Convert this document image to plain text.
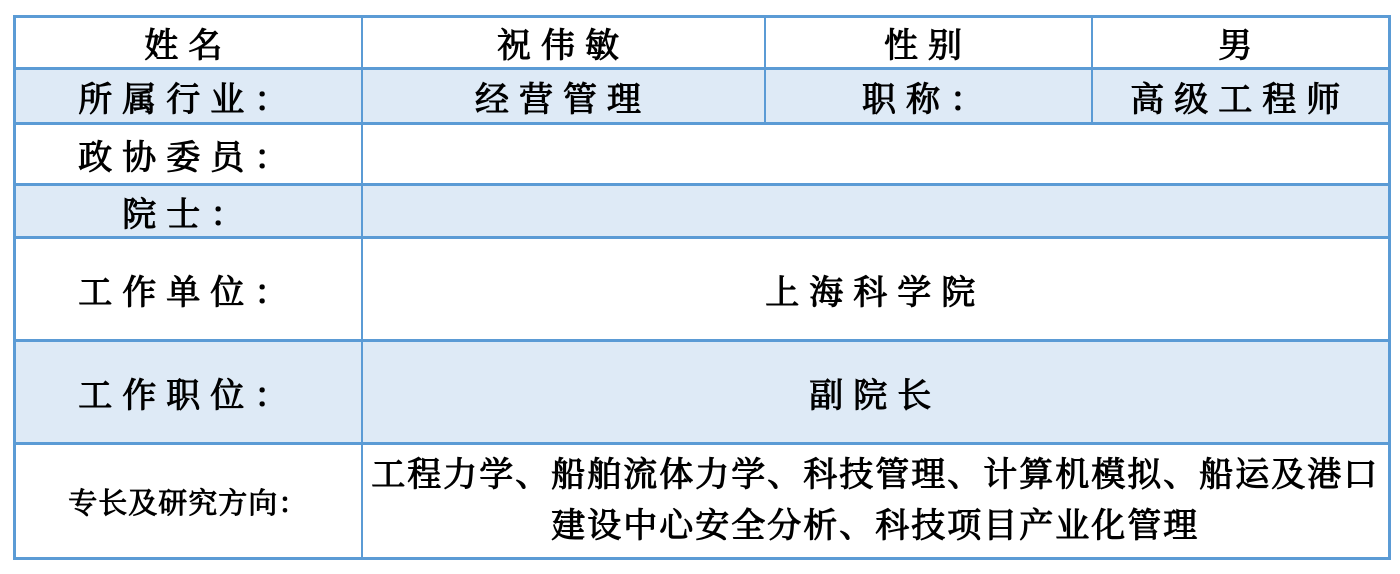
姓名	祝伟敏	性别	男
所属行业：	经营管理	职称：	高级工程师
政协委员：			
院士：			
工作单位：	上海科学院		
工作职位：	副院长		
专长及研究方向：	工程力学、船舶流体力学、科技管理、计算机模拟、船运及港口建设中心安全分析、科技项目产业化管理		
